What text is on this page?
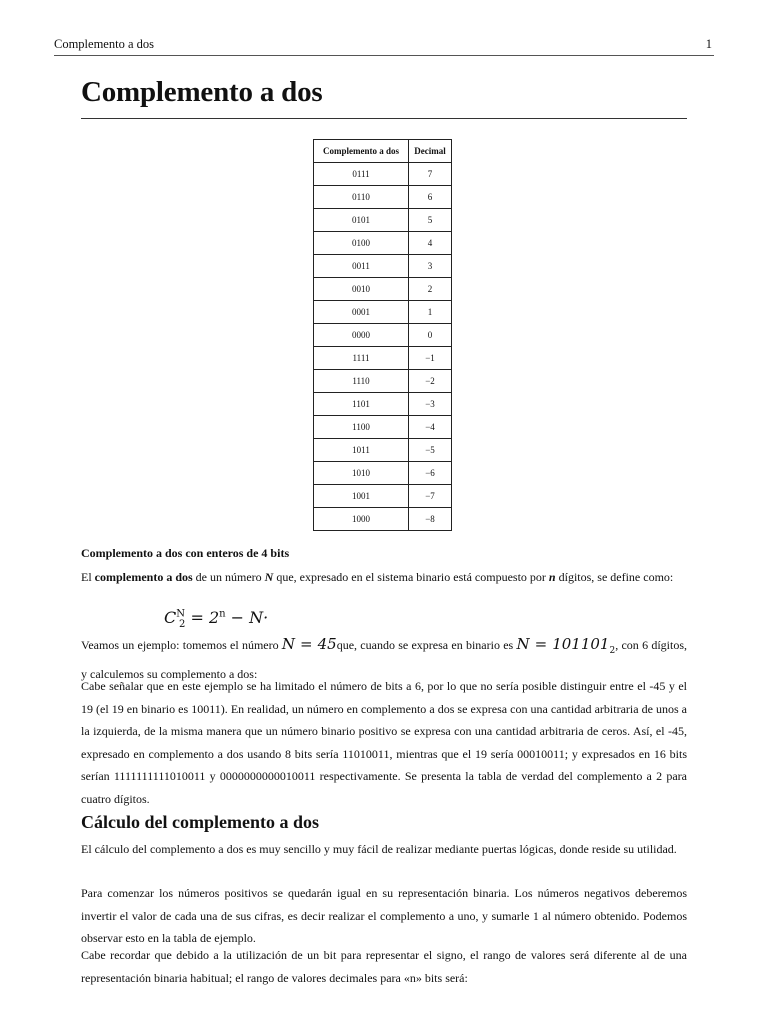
Complemento a dos	1
Complemento a dos
Complemento a dos	Decimal
0111	7
0110	6
0101	5
0100	4
0011	3
0010	2
0001	1
0000	0
1111	−1
1110	−2
1101	−3
1100	−4
1011	−5
1010	−6
1001	−7
1000	−8
Complemento a dos con enteros de 4 bits

El complemento a dos de un número N que, expresado en el sistema binario está compuesto por n dígitos, se define como:

$C^N_2 = 2^n - N\cdot$

Veamos un ejemplo: tomemos el número N = 45que, cuando se expresa en binario es $N = 101101_2$, con 6 dígitos, y calculemos su complemento a dos:

Cabe señalar que en este ejemplo se ha limitado el número de bits a 6, por lo que no sería posible distinguir entre el -45 y el 19 (el 19 en binario es 10011). En realidad, un número en complemento a dos se expresa con una cantidad arbitraria de unos a la izquierda, de la misma manera que un número binario positivo se expresa con una cantidad arbitraria de ceros. Así, el -45, expresado en complemento a dos usando 8 bits sería 11010011, mientras que el 19 sería 00010011; y expresados en 16 bits serían 1111111111010011 y 0000000000010011 respectivamente. Se presenta la tabla de verdad del complemento a 2 para cuatro dígitos.

Cálculo del complemento a dos

El cálculo del complemento a dos es muy sencillo y muy fácil de realizar mediante puertas lógicas, donde reside su utilidad.

Para comenzar los números positivos se quedarán igual en su representación binaria. Los números negativos deberemos invertir el valor de cada una de sus cifras, es decir realizar el complemento a uno, y sumarle 1 al número obtenido. Podemos observar esto en la tabla de ejemplo.

Cabe recordar que debido a la utilización de un bit para representar el signo, el rango de valores será diferente al de una representación binaria habitual; el rango de valores decimales para «n» bits será:
